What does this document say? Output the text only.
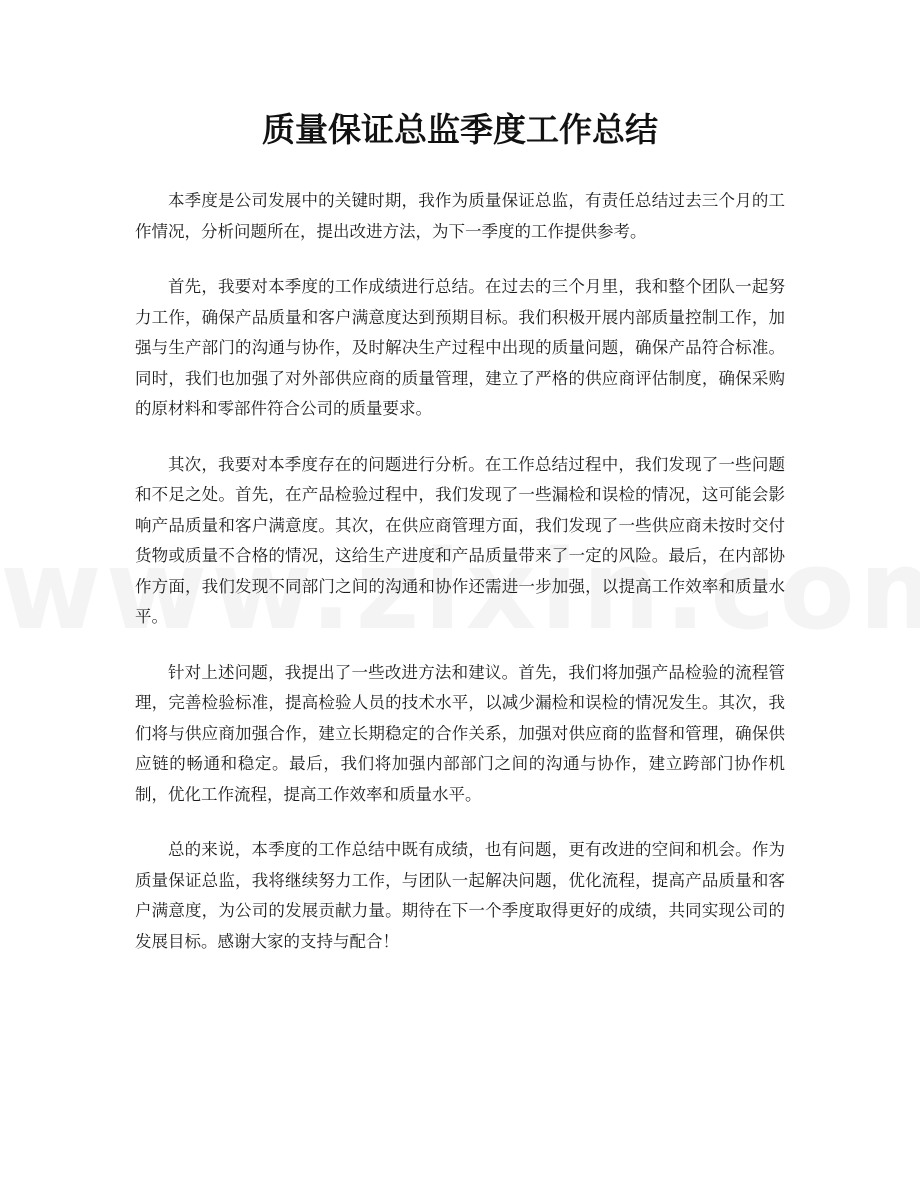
质量保证总监季度工作总结

本季度是公司发展中的关键时期，我作为质量保证总监，有责任总结过去三个月的工作情况，分析问题所在，提出改进方法，为下一季度的工作提供参考。

首先，我要对本季度的工作成绩进行总结。在过去的三个月里，我和整个团队一起努力工作，确保产品质量和客户满意度达到预期目标。我们积极开展内部质量控制工作，加强与生产部门的沟通与协作，及时解决生产过程中出现的质量问题，确保产品符合标准。同时，我们也加强了对外部供应商的质量管理，建立了严格的供应商评估制度，确保采购的原材料和零部件符合公司的质量要求。

其次，我要对本季度存在的问题进行分析。在工作总结过程中，我们发现了一些问题和不足之处。首先，在产品检验过程中，我们发现了一些漏检和误检的情况，这可能会影响产品质量和客户满意度。其次，在供应商管理方面，我们发现了一些供应商未按时交付货物或质量不合格的情况，这给生产进度和产品质量带来了一定的风险。最后，在内部协作方面，我们发现不同部门之间的沟通和协作还需进一步加强，以提高工作效率和质量水平。

针对上述问题，我提出了一些改进方法和建议。首先，我们将加强产品检验的流程管理，完善检验标准，提高检验人员的技术水平，以减少漏检和误检的情况发生。其次，我们将与供应商加强合作，建立长期稳定的合作关系，加强对供应商的监督和管理，确保供应链的畅通和稳定。最后，我们将加强内部部门之间的沟通与协作，建立跨部门协作机制，优化工作流程，提高工作效率和质量水平。

总的来说，本季度的工作总结中既有成绩，也有问题，更有改进的空间和机会。作为质量保证总监，我将继续努力工作，与团队一起解决问题，优化流程，提高产品质量和客户满意度，为公司的发展贡献力量。期待在下一个季度取得更好的成绩，共同实现公司的发展目标。感谢大家的支持与配合！
